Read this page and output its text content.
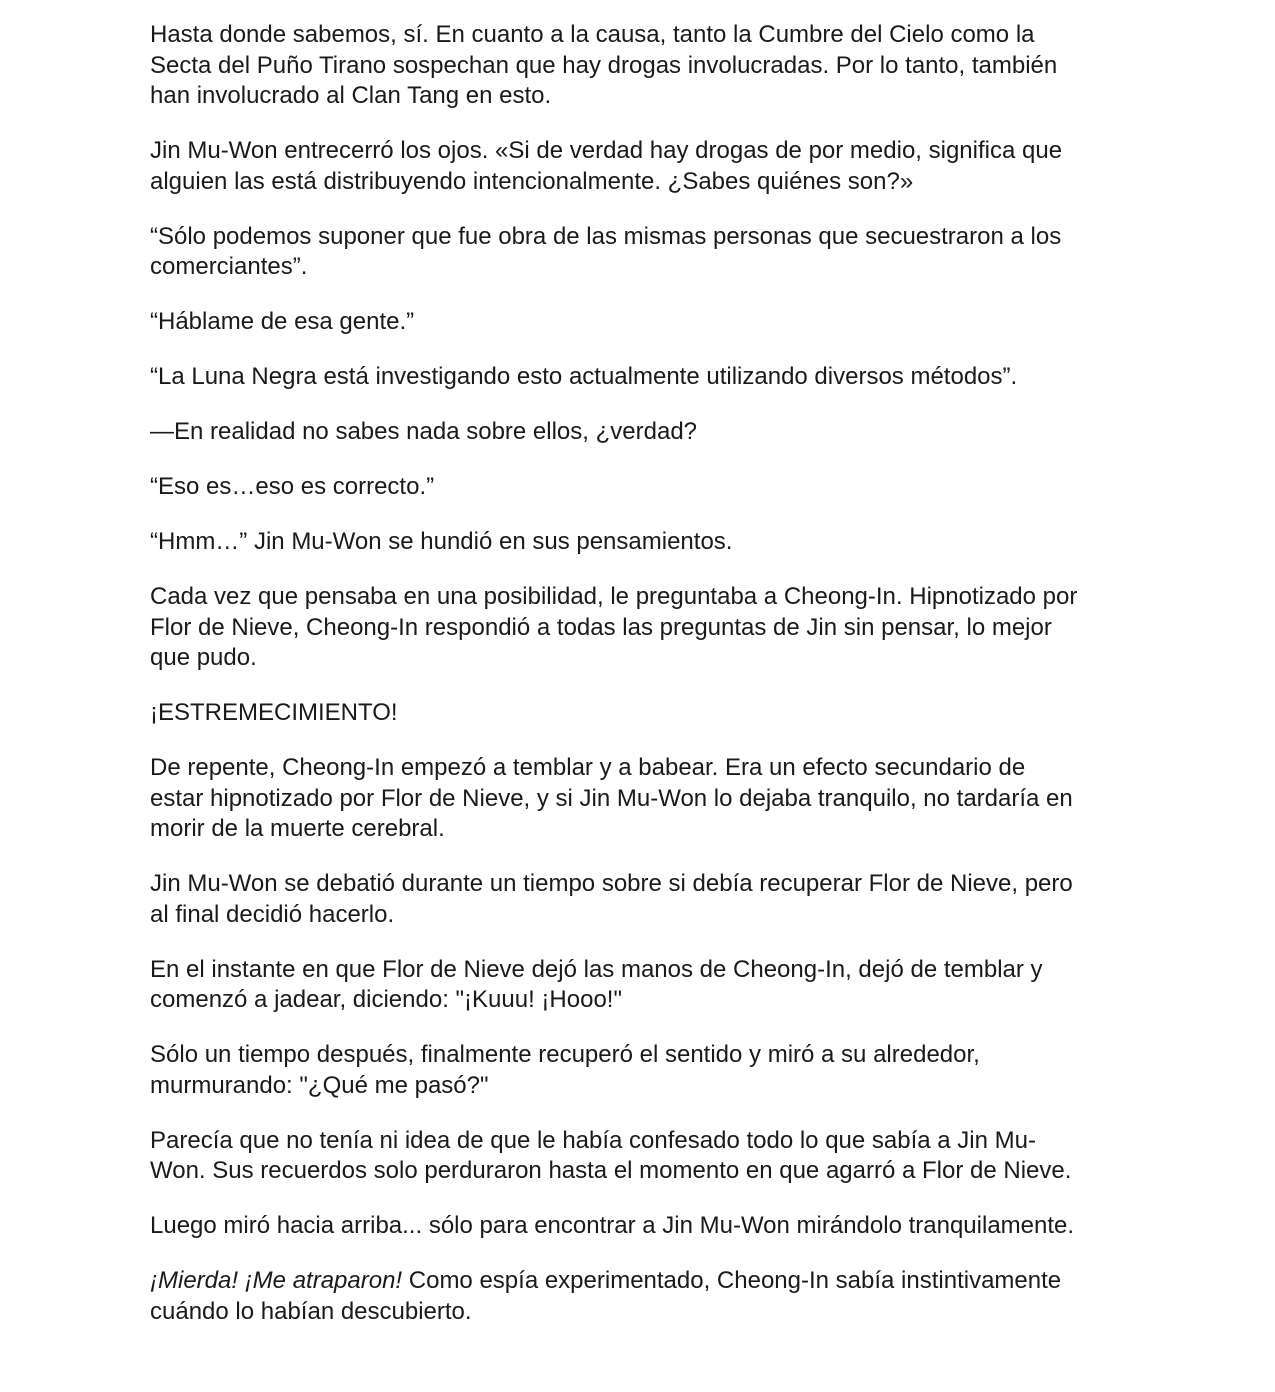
Hasta donde sabemos, sí. En cuanto a la causa, tanto la Cumbre del Cielo como la
Secta del Puño Tirano sospechan que hay drogas involucradas. Por lo tanto, también
han involucrado al Clan Tang en esto.

Jin Mu-Won entrecerró los ojos. «Si de verdad hay drogas de por medio, significa que
alguien las está distribuyendo intencionalmente. ¿Sabes quiénes son?»

“Sólo podemos suponer que fue obra de las mismas personas que secuestraron a los
comerciantes”.

“Háblame de esa gente.”

“La Luna Negra está investigando esto actualmente utilizando diversos métodos”.

—En realidad no sabes nada sobre ellos, ¿verdad?

“Eso es…eso es correcto.”

“Hmm…” Jin Mu-Won se hundió en sus pensamientos.

Cada vez que pensaba en una posibilidad, le preguntaba a Cheong-In. Hipnotizado por
Flor de Nieve, Cheong-In respondió a todas las preguntas de Jin sin pensar, lo mejor
que pudo.

¡ESTREMECIMIENTO!

De repente, Cheong-In empezó a temblar y a babear. Era un efecto secundario de
estar hipnotizado por Flor de Nieve, y si Jin Mu-Won lo dejaba tranquilo, no tardaría en
morir de la muerte cerebral.

Jin Mu-Won se debatió durante un tiempo sobre si debía recuperar Flor de Nieve, pero
al final decidió hacerlo.

En el instante en que Flor de Nieve dejó las manos de Cheong-In, dejó de temblar y
comenzó a jadear, diciendo: "¡Kuuu! ¡Hooo!"

Sólo un tiempo después, finalmente recuperó el sentido y miró a su alrededor,
murmurando: "¿Qué me pasó?"

Parecía que no tenía ni idea de que le había confesado todo lo que sabía a Jin Mu-
Won. Sus recuerdos solo perduraron hasta el momento en que agarró a Flor de Nieve.

Luego miró hacia arriba... sólo para encontrar a Jin Mu-Won mirándolo tranquilamente.

¡Mierda! ¡Me atraparon! Como espía experimentado, Cheong-In sabía instintivamente
cuándo lo habían descubierto.
